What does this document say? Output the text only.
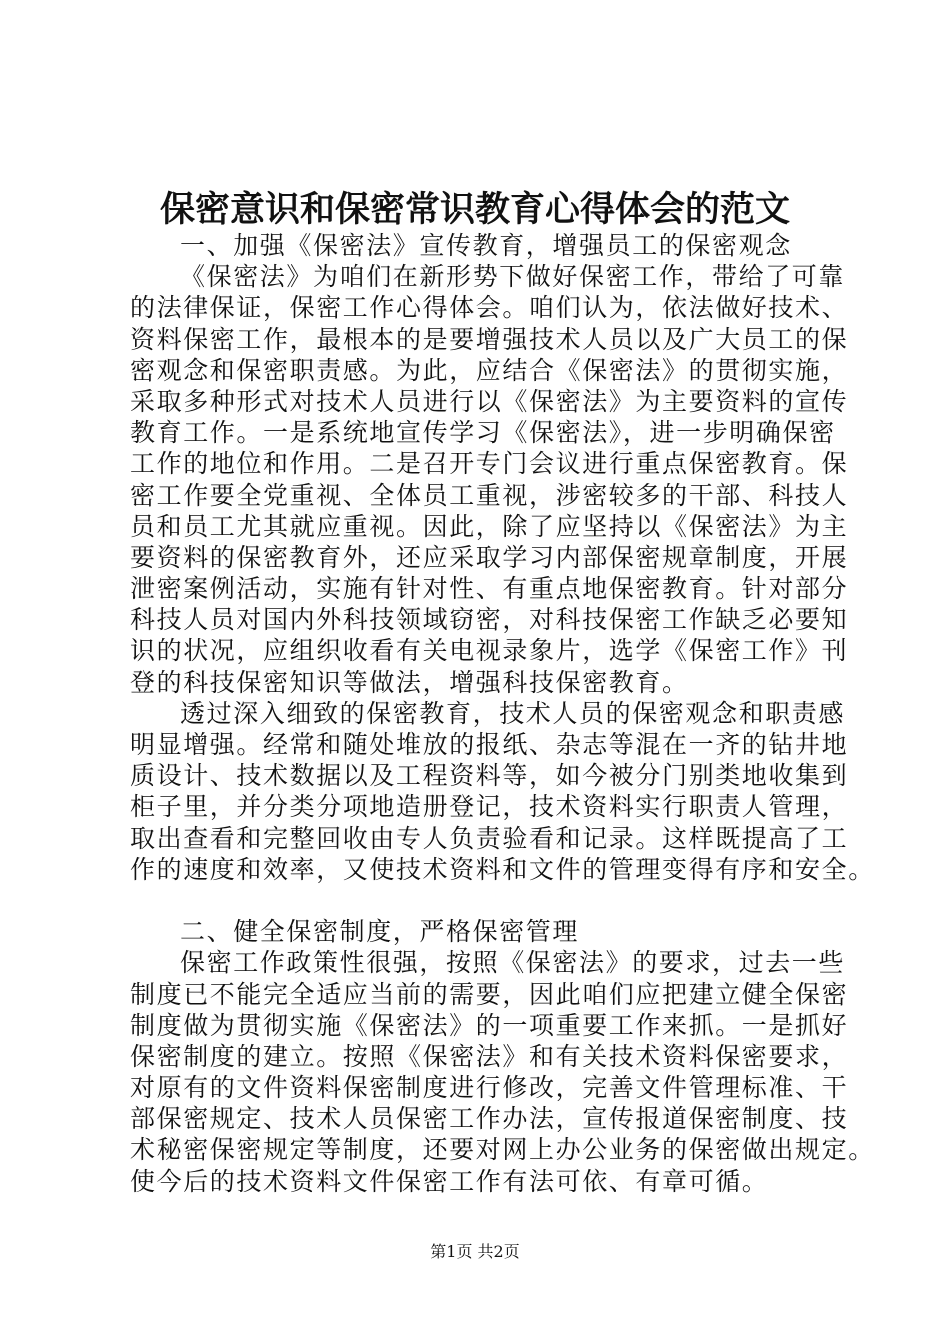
保密意识和保密常识教育心得体会的范文
一、加强《保密法》宣传教育，增强员工的保密观念
《保密法》为咱们在新形势下做好保密工作，带给了可靠
的法律保证，保密工作心得体会。咱们认为，依法做好技术、
资料保密工作，最根本的是要增强技术人员以及广大员工的保
密观念和保密职责感。为此，应结合《保密法》的贯彻实施，
采取多种形式对技术人员进行以《保密法》为主要资料的宣传
教育工作。一是系统地宣传学习《保密法》，进一步明确保密
工作的地位和作用。二是召开专门会议进行重点保密教育。保
密工作要全党重视、全体员工重视，涉密较多的干部、科技人
员和员工尤其就应重视。因此，除了应坚持以《保密法》为主
要资料的保密教育外，还应采取学习内部保密规章制度，开展
泄密案例活动，实施有针对性、有重点地保密教育。针对部分
科技人员对国内外科技领域窃密，对科技保密工作缺乏必要知
识的状况，应组织收看有关电视录象片，选学《保密工作》刊
登的科技保密知识等做法，增强科技保密教育。
透过深入细致的保密教育，技术人员的保密观念和职责感
明显增强。经常和随处堆放的报纸、杂志等混在一齐的钻井地
质设计、技术数据以及工程资料等，如今被分门别类地收集到
柜子里，并分类分项地造册登记，技术资料实行职责人管理，
取出查看和完整回收由专人负责验看和记录。这样既提高了工
作的速度和效率，又使技术资料和文件的管理变得有序和安全。
二、健全保密制度，严格保密管理
保密工作政策性很强，按照《保密法》的要求，过去一些
制度已不能完全适应当前的需要，因此咱们应把建立健全保密
制度做为贯彻实施《保密法》的一项重要工作来抓。一是抓好
保密制度的建立。按照《保密法》和有关技术资料保密要求，
对原有的文件资料保密制度进行修改，完善文件管理标准、干
部保密规定、技术人员保密工作办法，宣传报道保密制度、技
术秘密保密规定等制度，还要对网上办公业务的保密做出规定。
使今后的技术资料文件保密工作有法可依、有章可循。
第1页 共2页
